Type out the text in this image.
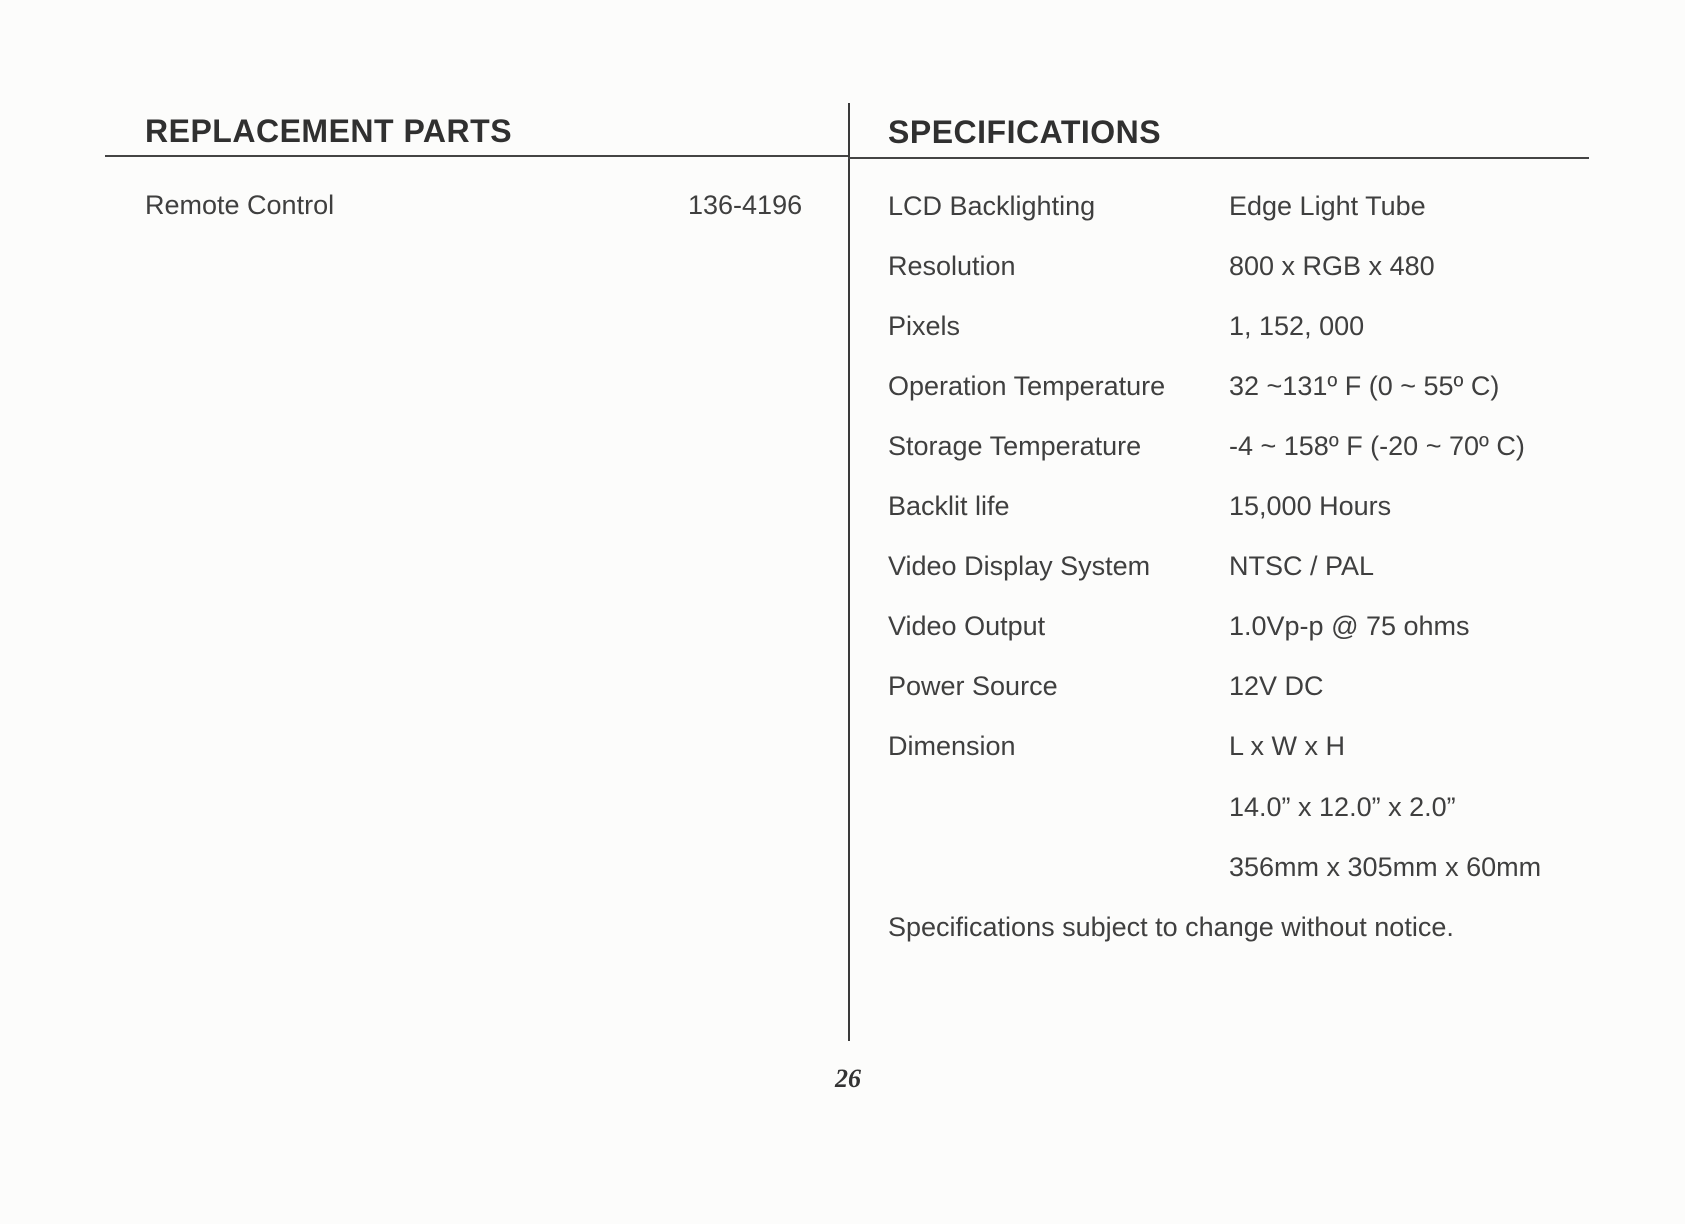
REPLACEMENT PARTS
Remote Control	136-4196
SPECIFICATIONS
LCD Backlighting	Edge Light Tube
Resolution	800 x RGB x 480
Pixels	1, 152, 000
Operation Temperature 32 ~131º F (0 ~ 55º C)
Storage Temperature	-4 ~ 158º F (-20 ~ 70º C)
Backlit life	15,000 Hours
Video Display System	NTSC / PAL
Video Output	1.0Vp-p @ 75 ohms
Power Source	12V DC
Dimension	L x W x H
14.0” x 12.0” x 2.0”
356mm x 305mm x 60mm
Specifications subject to change without notice.
26
